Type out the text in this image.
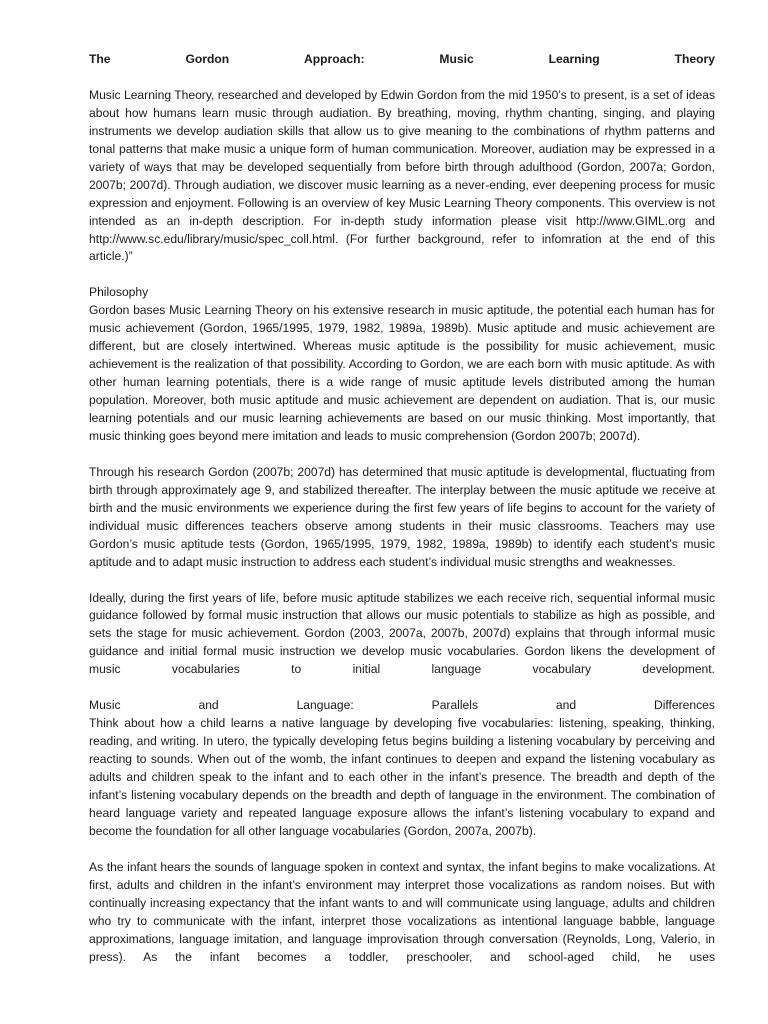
The	Gordon	Approach:	Music	Learning	Theory

Music Learning Theory, researched and developed by Edwin Gordon from the mid 1950’s to present, is a set of ideas about how humans learn music through audiation. By breathing, moving, rhythm chanting, singing, and playing instruments we develop audiation skills that allow us to give meaning to the combinations of rhythm patterns and tonal patterns that make music a unique form of human communication. Moreover, audiation may be expressed in a variety of ways that may be developed sequentially from before birth through adulthood (Gordon, 2007a; Gordon, 2007b; 2007d). Through audiation, we discover music learning as a never-ending, ever deepening process for music expression and enjoyment. Following is an overview of key Music Learning Theory components. This overview is not intended as an in-depth description. For in-depth study information please visit http://www.GIML.org and http://www.sc.edu/library/music/spec_coll.html. (For further background, refer to infomration at the end of this article.)”

Philosophy

Gordon bases Music Learning Theory on his extensive research in music aptitude, the potential each human has for music achievement (Gordon, 1965/1995, 1979, 1982, 1989a, 1989b). Music aptitude and music achievement are different, but are closely intertwined. Whereas music aptitude is the possibility for music achievement, music achievement is the realization of that possibility. According to Gordon, we are each born with music aptitude. As with other human learning potentials, there is a wide range of music aptitude levels distributed among the human population. Moreover, both music aptitude and music achievement are dependent on audiation. That is, our music learning potentials and our music learning achievements are based on our music thinking. Most importantly, that music thinking goes beyond mere imitation and leads to music comprehension (Gordon 2007b; 2007d).

Through his research Gordon (2007b; 2007d) has determined that music aptitude is developmental, fluctuating from birth through approximately age 9, and stabilized thereafter. The interplay between the music aptitude we receive at birth and the music environments we experience during the first few years of life begins to account for the variety of individual music differences teachers observe among students in their music classrooms. Teachers may use Gordon’s music aptitude tests (Gordon, 1965/1995, 1979, 1982, 1989a, 1989b) to identify each student’s music aptitude and to adapt music instruction to address each student’s individual music strengths and weaknesses.

Ideally, during the first years of life, before music aptitude stabilizes we each receive rich, sequential informal music guidance followed by formal music instruction that allows our music potentials to stabilize as high as possible, and sets the stage for music achievement. Gordon (2003, 2007a, 2007b, 2007d) explains that through informal music guidance and initial formal music instruction we develop music vocabularies. Gordon likens the development of music vocabularies to initial language vocabulary development.

Music	and	Language:	Parallels	and	Differences

Think about how a child learns a native language by developing five vocabularies: listening, speaking, thinking, reading, and writing. In utero, the typically developing fetus begins building a listening vocabulary by perceiving and reacting to sounds. When out of the womb, the infant continues to deepen and expand the listening vocabulary as adults and children speak to the infant and to each other in the infant’s presence. The breadth and depth of the infant’s listening vocabulary depends on the breadth and depth of language in the environment. The combination of heard language variety and repeated language exposure allows the infant’s listening vocabulary to expand and become the foundation for all other language vocabularies (Gordon, 2007a, 2007b).

As the infant hears the sounds of language spoken in context and syntax, the infant begins to make vocalizations. At first, adults and children in the infant’s environment may interpret those vocalizations as random noises. But with continually increasing expectancy that the infant wants to and will communicate using language, adults and children who try to communicate with the infant, interpret those vocalizations as intentional language babble, language approximations, language imitation, and language improvisation through conversation (Reynolds, Long, Valerio, in press). As the infant becomes a toddler, preschooler, and school-aged child, he uses
